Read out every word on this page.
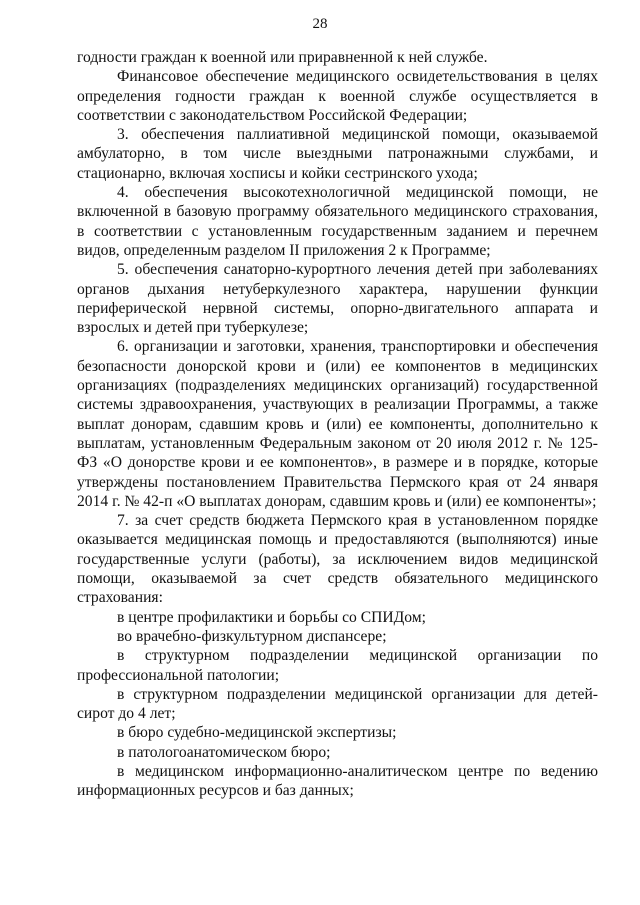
28

годности граждан к военной или приравненной к ней службе.

Финансовое обеспечение медицинского освидетельствования в целях определения годности граждан к военной службе осуществляется в соответствии с законодательством Российской Федерации;

3. обеспечения паллиативной медицинской помощи, оказываемой амбулаторно, в том числе выездными патронажными службами, и стационарно, включая хосписы и койки сестринского ухода;

4. обеспечения высокотехнологичной медицинской помощи, не включенной в базовую программу обязательного медицинского страхования, в соответствии с установленным государственным заданием и перечнем видов, определенным разделом II приложения 2 к Программе;

5. обеспечения санаторно-курортного лечения детей при заболеваниях органов дыхания нетуберкулезного характера, нарушении функции периферической нервной системы, опорно-двигательного аппарата и взрослых и детей при туберкулезе;

6. организации и заготовки, хранения, транспортировки и обеспечения безопасности донорской крови и (или) ее компонентов в медицинских организациях (подразделениях медицинских организаций) государственной системы здравоохранения, участвующих в реализации Программы, а также выплат донорам, сдавшим кровь и (или) ее компоненты, дополнительно к выплатам, установленным Федеральным законом от 20 июля 2012 г. № 125-ФЗ «О донорстве крови и ее компонентов», в размере и в порядке, которые утверждены постановлением Правительства Пермского края от 24 января 2014 г. № 42-п «О выплатах донорам, сдавшим кровь и (или) ее компоненты»;

7. за счет средств бюджета Пермского края в установленном порядке оказывается медицинская помощь и предоставляются (выполняются) иные государственные услуги (работы), за исключением видов медицинской помощи, оказываемой за счет средств обязательного медицинского страхования:

в центре профилактики и борьбы со СПИДом;

во врачебно-физкультурном диспансере;

в структурном подразделении медицинской организации по профессиональной патологии;

в структурном подразделении медицинской организации для детей-сирот до 4 лет;

в бюро судебно-медицинской экспертизы;

в патологоанатомическом бюро;

в медицинском информационно-аналитическом центре по ведению информационных ресурсов и баз данных;
